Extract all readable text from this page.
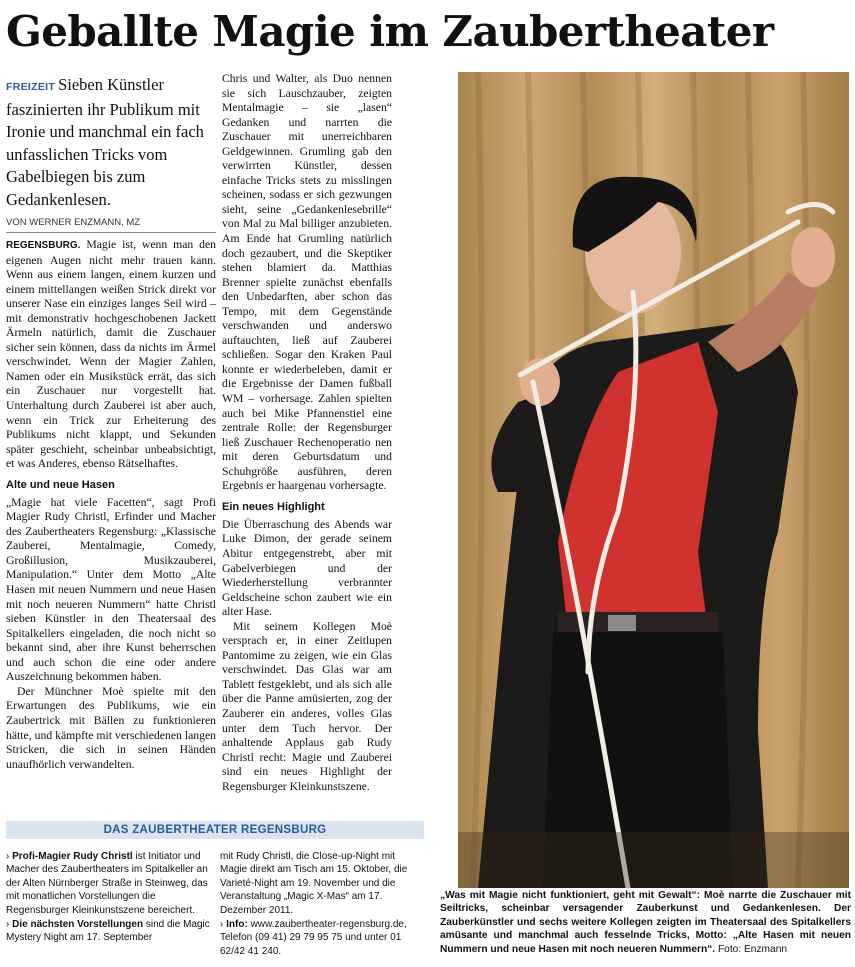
Geballte Magie im Zaubertheater
FREIZEIT Sieben Künstler faszinierten ihr Publikum mit Ironie und manchmal ein fach unfasslichen Tricks vom Gabelbiegen bis zum Gedankenlesen.
VON WERNER ENZMANN, MZ

REGENSBURG. Magie ist, wenn man den eigenen Augen nicht mehr trauen kann. Wenn aus einem langen, einem kurzen und einem mittellangen weißen Strick direkt vor unserer Nase ein einziges langes Seil wird – mit demonstrativ hochgeschobenen Jackett Ärmeln natürlich, damit die Zuschauer sicher sein können, dass da nichts im Ärmel verschwindet. Wenn der Magier Zahlen, Namen oder ein Musikstück errät, das sich ein Zuschauer nur vorgestellt hat. Unterhaltung durch Zauberei ist aber auch, wenn ein Trick zur Erheiterung des Publikums nicht klappt, und Sekunden später geschieht, scheinbar unbeabsichtigt, et was Anderes, ebenso Rätselhaftes.

Alte und neue Hasen

„Magie hat viele Facetten“, sagt Profi Magier Rudy Christl, Erfinder und Macher des Zaubertheaters Regensburg: „Klassische Zauberei, Mentalmagie, Comedy, Großillusion, Musikzauberei, Manipulation.“ Unter dem Motto „Alte Hasen mit neuen Nummern und neue Hasen mit noch neueren Nummern“ hatte Christl sieben Künstler in den Theatersaal des Spitalkellers eingeladen, die noch nicht so bekannt sind, aber ihre Kunst beherrschen und auch schon die eine oder andere Auszeichnung bekommen haben.

Der Münchner Moè spielte mit den Erwartungen des Publikums, wie ein Zaubertrick mit Bällen zu funktionieren hätte, und kämpfte mit verschiedenen langen Stricken, die sich in seinen Händen unaufhörlich verwandelten.

Chris und Walter, als Duo nennen sie sich Lauschzauber, zeigten Mentalmagie – sie „lasen“ Gedanken und narrten die Zuschauer mit unerreichbaren Geldgewinnen. Grumling gab den verwirrten Künstler, dessen einfache Tricks stets zu misslingen scheinen, sodass er sich gezwungen sieht, seine „Gedankenlesebrille“ von Mal zu Mal billiger anzubieten. Am Ende hat Grumling natürlich doch gezaubert, und die Skeptiker stehen blamiert da. Matthias Brenner spielte zunächst ebenfalls den Unbedarften, aber schon das Tempo, mit dem Gegenstände verschwanden und anderswo auftauchten, ließ auf Zauberei schließen. Sogar den Kraken Paul konnte er wiederbeleben, damit er die Ergebnisse der Damen fußball WM – vorhersage. Zahlen spielten auch bei Mike Pfannenstiel eine zentrale Rolle: der Regensburger ließ Zuschauer Rechenoperatio nen mit deren Geburtsdatum und Schuhgröße ausführen, deren Ergebnis er haargenau vorhersagte.

Ein neues Highlight

Die Überraschung des Abends war Luke Dimon, der gerade seinem Abitur entgegenstrebt, aber mit Gabelverbiegen und der Wiederherstellung verbrannter Geldscheine schon zaubert wie ein alter Hase.

Mit seinem Kollegen Moè versprach er, in einer Zeitlupen Pantomime zu zeigen, wie ein Glas verschwindet. Das Glas war am Tablett festgeklebt, und als sich alle über die Panne amüsierten, zog der Zauberer ein anderes, volles Glas unter dem Tuch hervor. Der anhaltende Applaus gab Rudy Christl recht: Magie und Zauberei sind ein neues Highlight der Regensburger Kleinkunstszene.

DAS ZAUBERTHEATER REGENSBURG

› Profi-Magier Rudy Christl ist Initiator und Macher des Zaubertheaters im Spitalkeller an der Alten Nürnberger Straße in Steinweg, das mit monatlichen Vorstellungen die Regensburger Kleinkunstszene bereichert.

› Die nächsten Vorstellungen sind die Magic Mystery Night am 17. September

mit Rudy Christl, die Close-up-Night mit Magie direkt am Tisch am 15. Oktober, die Varieté-Night am 19. November und die Veranstaltung „Magic X-Mas“ am 17. Dezember 2011.

› Info: www.zaubertheater-regensburg.de, Telefon (09 41) 29 79 95 75 und unter 01 62/42 41 240.

„Was mit Magie nicht funktioniert, geht mit Gewalt“: Moè narrte die Zuschauer mit Seiltricks, scheinbar versagender Zauberkunst und Gedankenlesen. Der Zauberkünstler und sechs weitere Kollegen zeigten im Theatersaal des Spitalkellers amüsante und manchmal auch fesselnde Tricks, Motto: „Alte Hasen mit neuen Nummern und neue Hasen mit noch neueren Nummern“. Foto: Enzmann
